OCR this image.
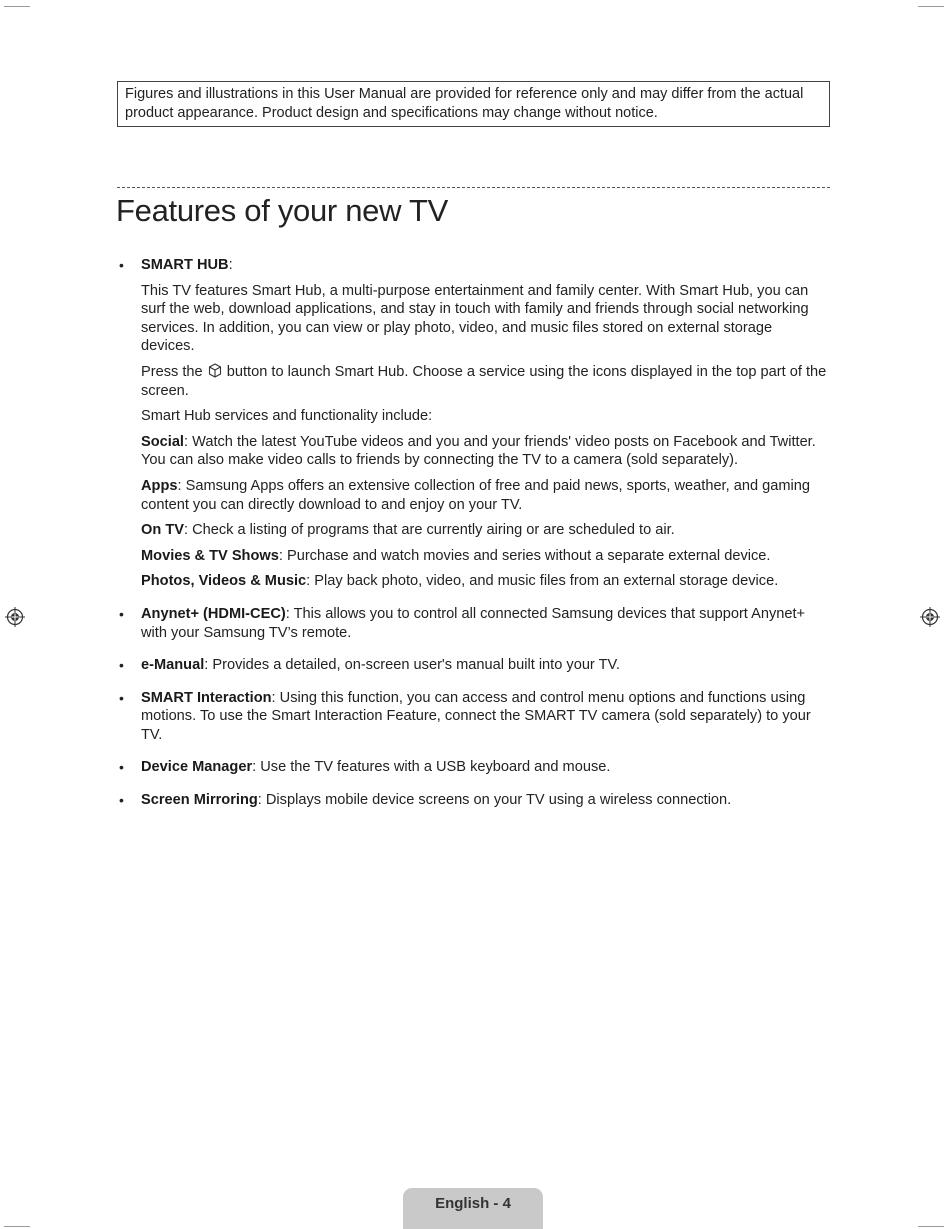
Figures and illustrations in this User Manual are provided for reference only and may differ from the actual product appearance. Product design and specifications may change without notice.
Features of your new TV
• SMART HUB:

This TV features Smart Hub, a multi-purpose entertainment and family center. With Smart Hub, you can surf the web, download applications, and stay in touch with family and friends through social networking services. In addition, you can view or play photo, video, and music files stored on external storage devices.

Press the  button to launch Smart Hub. Choose a service using the icons displayed in the top part of the screen.

Smart Hub services and functionality include:

Social: Watch the latest YouTube videos and you and your friends' video posts on Facebook and Twitter. You can also make video calls to friends by connecting the TV to a camera (sold separately).

Apps: Samsung Apps offers an extensive collection of free and paid news, sports, weather, and gaming content you can directly download to and enjoy on your TV.

On TV: Check a listing of programs that are currently airing or are scheduled to air.

Movies & TV Shows: Purchase and watch movies and series without a separate external device.

Photos, Videos & Music: Play back photo, video, and music files from an external storage device.

• Anynet+ (HDMI-CEC): This allows you to control all connected Samsung devices that support Anynet+ with your Samsung TV’s remote.

• e-Manual: Provides a detailed, on-screen user's manual built into your TV.

• SMART Interaction: Using this function, you can access and control menu options and functions using motions. To use the Smart Interaction Feature, connect the SMART TV camera (sold separately) to your TV.

• Device Manager: Use the TV features with a USB keyboard and mouse.

• Screen Mirroring: Displays mobile device screens on your TV using a wireless connection.

English - 4
